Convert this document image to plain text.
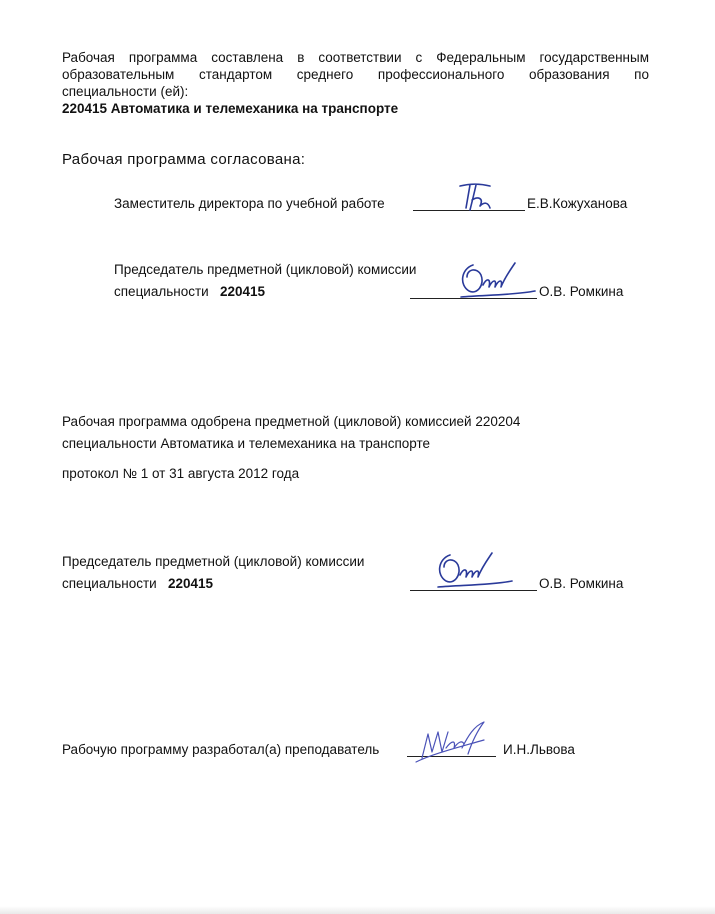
Рабочая программа составлена в соответствии с Федеральным государственным
образовательным стандартом среднего профессионального образования по
специальности (ей):
220415 Автоматика и телемеханика на транспорте
Рабочая программа согласована:
Заместитель директора по учебной работе	Е.В.Кожуханова
Председатель предметной (цикловой) комиссии
специальности 220415	О.В. Ромкина
Рабочая программа одобрена предметной (цикловой) комиссией 220204
специальности Автоматика и телемеханика на транспорте
протокол № 1 от 31 августа 2012 года
Председатель предметной (цикловой) комиссии
специальности 220415	О.В. Ромкина
Рабочую программу разработал(а) преподаватель	И.Н.Львова
